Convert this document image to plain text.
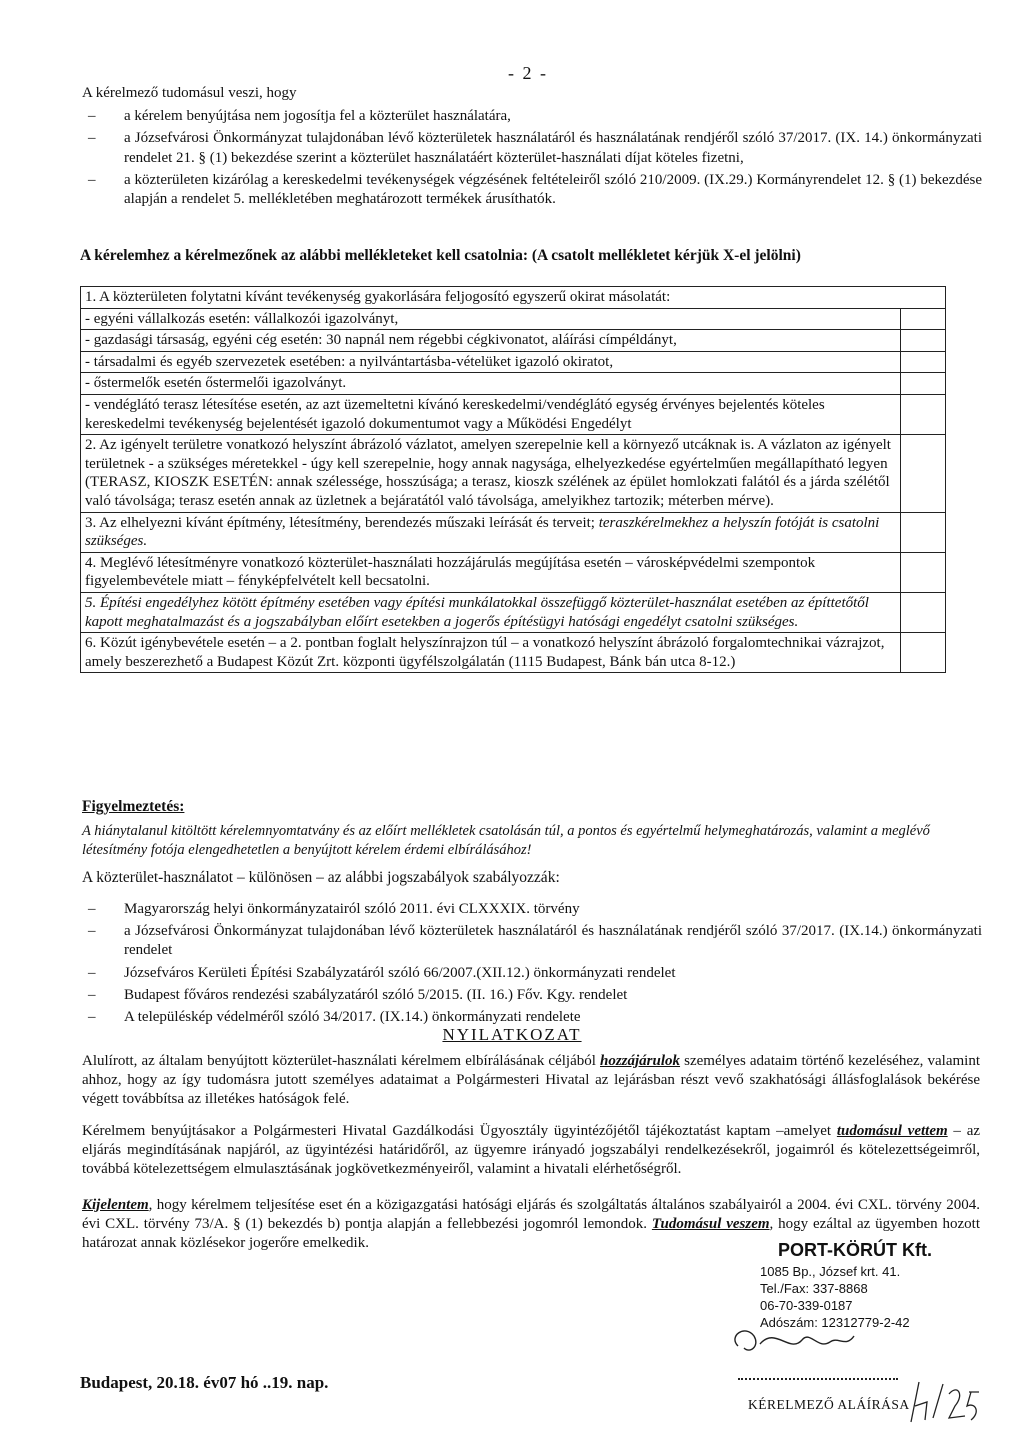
- 2 -

A kérelmező tudomásul veszi, hogy

–	a kérelem benyújtása nem jogosítja fel a közterület használatára,
–	a Józsefvárosi Önkormányzat tulajdonában lévő közterületek használatáról és használatának rendjéről szóló 37/2017. (IX. 14.) önkormányzati rendelet 21. § (1) bekezdése szerint a közterület használatáért közterület-használati díjat köteles fizetni,
–	a közterületen kizárólag a kereskedelmi tevékenységek végzésének feltételeiről szóló 210/2009. (IX.29.) Kormányrendelet 12. § (1) bekezdése alapján a rendelet 5. mellékletében meghatározott termékek árusíthatók.
A kérelemhez a kérelmezőnek az alábbi mellékleteket kell csatolnia: (A csatolt mellékletet kérjük X-el jelölni)
1. A közterületen folytatni kívánt tevékenység gyakorlására feljogosító egyszerű okirat másolatát:	
- egyéni vállalkozás esetén: vállalkozói igazolványt,	
- gazdasági társaság, egyéni cég esetén: 30 napnál nem régebbi cégkivonatot, aláírási címpéldányt,	
- társadalmi és egyéb szervezetek esetében: a nyilvántartásba-vételüket igazoló okiratot,	
- őstermelők esetén őstermelői igazolványt.	
- vendéglátó terasz létesítése esetén, az azt üzemeltetni kívánó kereskedelmi/vendéglátó egység érvényes bejelentés köteles kereskedelmi tevékenység bejelentését igazoló dokumentumot vagy a Működési Engedélyt	
2. Az igényelt területre vonatkozó helyszínt ábrázoló vázlatot, amelyen szerepelnie kell a környező utcáknak is. A vázlaton az igényelt területnek - a szükséges méretekkel - úgy kell szerepelnie, hogy annak nagysága, elhelyezkedése egyértelműen megállapítható legyen (TERASZ, KIOSZK ESETÉN: annak szélessége, hosszúsága; a terasz, kioszk szélének az épület homlokzati falától és a járda szélétől való távolsága; terasz esetén annak az üzletnek a bejáratától való távolsága, amelyikhez tartozik; méterben mérve).	
3. Az elhelyezni kívánt építmény, létesítmény, berendezés műszaki leírását és terveit; teraszkérelmekhez a helyszín fotóját is csatolni szükséges.	
4. Meglévő létesítményre vonatkozó közterület-használati hozzájárulás megújítása esetén – városképvédelmi szempontok figyelembevétele miatt – fényképfelvételt kell becsatolni.	
5. Építési engedélyhez kötött építmény esetében vagy építési munkálatokkal összefüggő közterület-használat esetében az építtetőtől kapott meghatalmazást és a jogszabályban előírt esetekben a jogerős építésügyi hatósági engedélyt csatolni szükséges.	
6. Közút igénybevétele esetén – a 2. pontban foglalt helyszínrajzon túl – a vonatkozó helyszínt ábrázoló forgalomtechnikai vázrajzot, amely beszerezhető a Budapest Közút Zrt. központi ügyfélszolgálatán (1115 Budapest, Bánk bán utca 8-12.)	
Figyelmeztetés:
A hiánytalanul kitöltött kérelemnyomtatvány és az előírt mellékletek csatolásán túl, a pontos és egyértelmű helymeghatározás, valamint a meglévő létesítmény fotója elengedhetetlen a benyújtott kérelem érdemi elbírálásához!
A közterület-használatot – különösen – az alábbi jogszabályok szabályozzák:
–	Magyarország helyi önkormányzatairól szóló 2011. évi CLXXXIX. törvény
–	a Józsefvárosi Önkormányzat tulajdonában lévő közterületek használatáról és használatának rendjéről szóló 37/2017. (IX.14.) önkormányzati rendelet
–	Józsefváros Kerületi Építési Szabályzatáról szóló 66/2007.(XII.12.) önkormányzati rendelet
–	Budapest főváros rendezési szabályzatáról szóló 5/2015. (II. 16.) Főv. Kgy. rendelet
–	A településkép védelméről szóló 34/2017. (IX.14.) önkormányzati rendelete
NYILATKOZAT
Alulírott, az általam benyújtott közterület-használati kérelmem elbírálásának céljából hozzájárulok személyes adataim történő kezeléséhez, valamint ahhoz, hogy az így tudomásra jutott személyes adataimat a Polgármesteri Hivatal az lejárásban részt vevő szakhatósági állásfoglalások bekérése végett továbbítsa az illetékes hatóságok felé.
Kérelmem benyújtásakor a Polgármesteri Hivatal Gazdálkodási Ügyosztály ügyintézőjétől tájékoztatást kaptam –amelyet tudomásul vettem – az eljárás megindításának napjáról, az ügyintézési határidőről, az ügyemre irányadó jogszabályi rendelkezésekről, jogaimról és kötelezettségeimről, továbbá kötelezettségem elmulasztásának jogkövetkezményeiről, valamint a hivatali elérhetőségről.
Kijelentem, hogy kérelmem teljesítése eset én a közigazgatási hatósági eljárás és szolgáltatás általános szabályairól a 2004. évi CXL. törvény 2004. évi CXL. törvény 73/A. § (1) bekezdés b) pontja alapján a fellebbezési jogomról lemondok. Tudomásul veszem, hogy ezáltal az ügyemben hozott határozat annak közlésekor jogerőre emelkedik.	PORT-KÖRÚT Kft.
1085 Bp., József krt. 41.
Tel./Fax: 337-8868
06-70-339-0187
Adószám: 12312779-2-42
KÉRELMEZŐ ALÁÍRÁSA
Budapest, 20.18. év07 hó ..19. nap.
